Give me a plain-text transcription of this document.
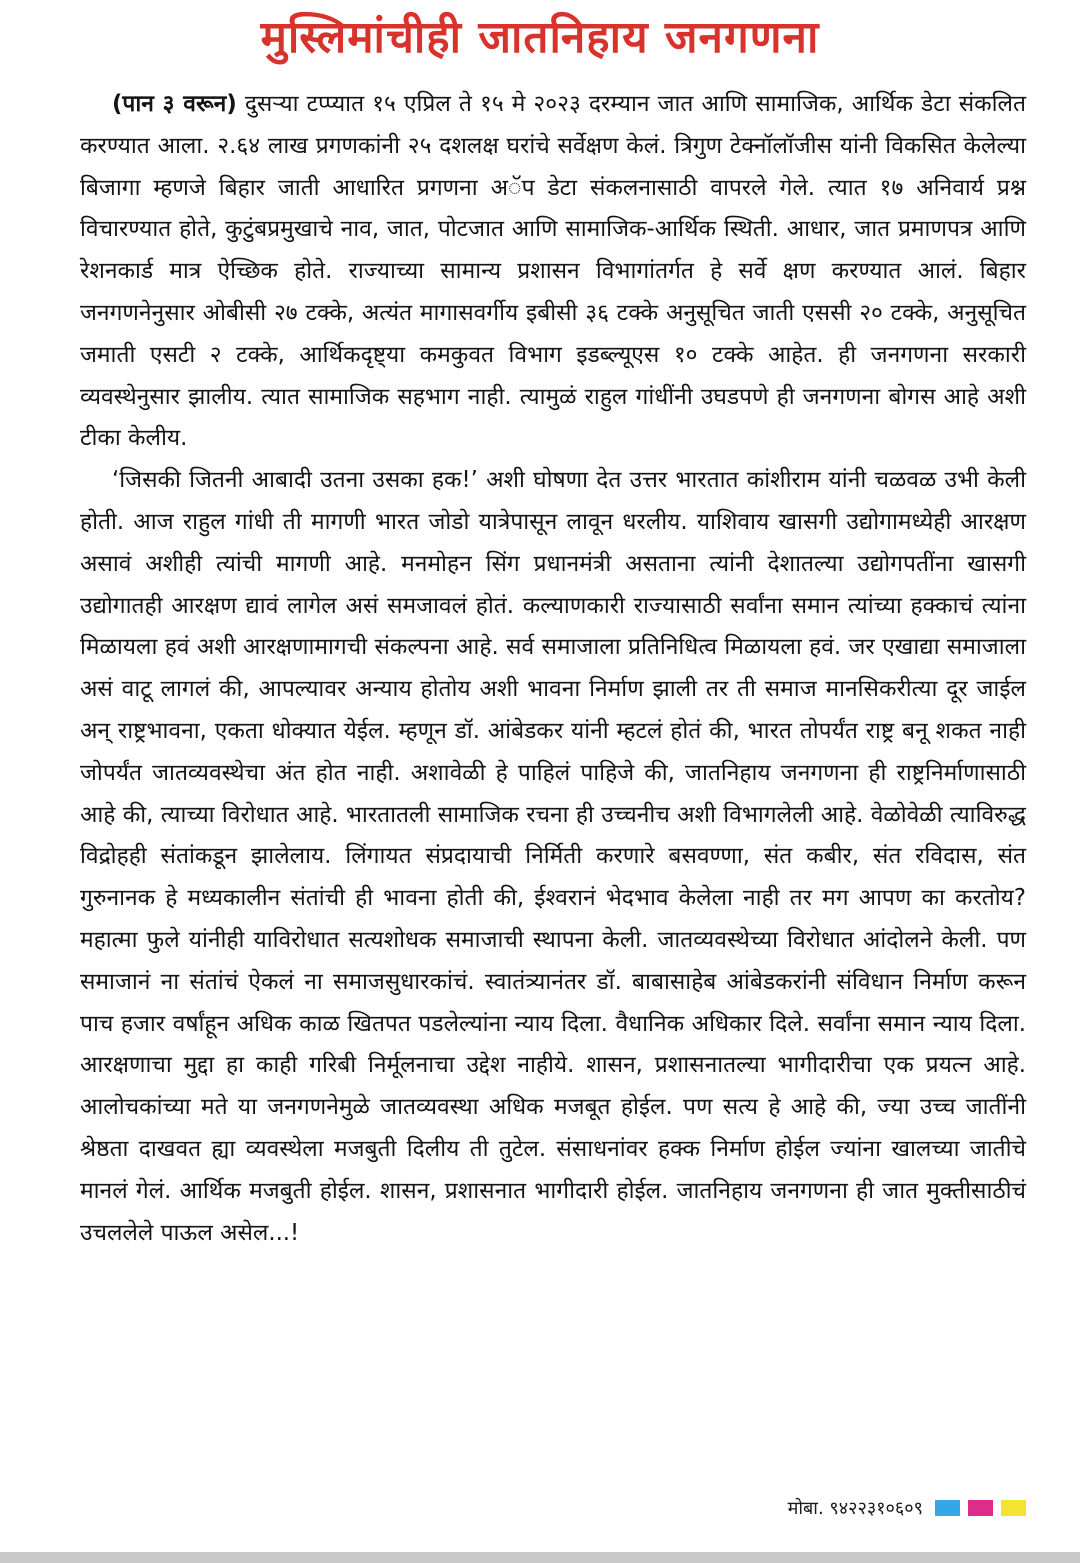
मुस्लिमांचीही जातनिहाय जनगणना

(पान ३ वरून) दुसऱ्या टप्प्यात १५ एप्रिल ते १५ मे २०२३ दरम्यान जात आणि सामाजिक, आर्थिक डेटा संकलित करण्यात आला. २.६४ लाख प्रगणकांनी २५ दशलक्ष घरांचे सर्वेक्षण केलं. त्रिगुण टेक्नॉलॉजीस यांनी विकसित केलेल्या बिजागा म्हणजे बिहार जाती आधारित प्रगणना अॅप डेटा संकलनासाठी वापरले गेले. त्यात १७ अनिवार्य प्रश्न विचारण्यात होते, कुटुंबप्रमुखाचे नाव, जात, पोटजात आणि सामाजिक-आर्थिक स्थिती. आधार, जात प्रमाणपत्र आणि रेशनकार्ड मात्र ऐच्छिक होते. राज्याच्या सामान्य प्रशासन विभागांतर्गत हे सर्वे क्षण करण्यात आलं. बिहार जनगणनेनुसार ओबीसी २७ टक्के, अत्यंत मागासवर्गीय इबीसी ३६ टक्के अनुसूचित जाती एससी २० टक्के, अनुसूचित जमाती एसटी २ टक्के, आर्थिकदृष्ट्या कमकुवत विभाग इडब्ल्यूएस १० टक्के आहेत. ही जनगणना सरकारी व्यवस्थेनुसार झालीय. त्यात सामाजिक सहभाग नाही. त्यामुळं राहुल गांधींनी उघडपणे ही जनगणना बोगस आहे अशी टीका केलीय.

‘जिसकी जितनी आबादी उतना उसका हक!’ अशी घोषणा देत उत्तर भारतात कांशीराम यांनी चळवळ उभी केली होती. आज राहुल गांधी ती मागणी भारत जोडो यात्रेपासून लावून धरलीय. याशिवाय खासगी उद्योगामध्येही आरक्षण असावं अशीही त्यांची मागणी आहे. मनमोहन सिंग प्रधानमंत्री असताना त्यांनी देशातल्या उद्योगपतींना खासगी उद्योगातही आरक्षण द्यावं लागेल असं समजावलं होतं. कल्याणकारी राज्यासाठी सर्वांना समान त्यांच्या हक्काचं त्यांना मिळायला हवं अशी आरक्षणामागची संकल्पना आहे. सर्व समाजाला प्रतिनिधित्व मिळायला हवं. जर एखाद्या समाजाला असं वाटू लागलं की, आपल्यावर अन्याय होतोय अशी भावना निर्माण झाली तर ती समाज मानसिकरीत्या दूर जाईल अन् राष्ट्रभावना, एकता धोक्यात येईल. म्हणून डॉ. आंबेडकर यांनी म्हटलं होतं की, भारत तोपर्यंत राष्ट्र बनू शकत नाही जोपर्यंत जातव्यवस्थेचा अंत होत नाही. अशावेळी हे पाहिलं पाहिजे की, जातनिहाय जनगणना ही राष्ट्रनिर्माणासाठी आहे की, त्याच्या विरोधात आहे. भारतातली सामाजिक रचना ही उच्चनीच अशी विभागलेली आहे. वेळोवेळी त्याविरुद्ध विद्रोहही संतांकडून झालेलाय. लिंगायत संप्रदायाची निर्मिती करणारे बसवण्णा, संत कबीर, संत रविदास, संत गुरुनानक हे मध्यकालीन संतांची ही भावना होती की, ईश्वरानं भेदभाव केलेला नाही तर मग आपण का करतोय? महात्मा फुले यांनीही याविरोधात सत्यशोधक समाजाची स्थापना केली. जातव्यवस्थेच्या विरोधात आंदोलने केली. पण समाजानं ना संतांचं ऐकलं ना समाजसुधारकांचं. स्वातंत्र्यानंतर डॉ. बाबासाहेब आंबेडकरांनी संविधान निर्माण करून पाच हजार वर्षांहून अधिक काळ खितपत पडलेल्यांना न्याय दिला. वैधानिक अधिकार दिले. सर्वांना समान न्याय दिला. आरक्षणाचा मुद्दा हा काही गरिबी निर्मूलनाचा उद्देश नाहीये. शासन, प्रशासनातल्या भागीदारीचा एक प्रयत्न आहे. आलोचकांच्या मते या जनगणनेमुळे जातव्यवस्था अधिक मजबूत होईल. पण सत्य हे आहे की, ज्या उच्च जातींनी श्रेष्ठता दाखवत ह्या व्यवस्थेला मजबुती दिलीय ती तुटेल. संसाधनांवर हक्क निर्माण होईल ज्यांना खालच्या जातीचे मानलं गेलं. आर्थिक मजबुती होईल. शासन, प्रशासनात भागीदारी होईल. जातनिहाय जनगणना ही जात मुक्तीसाठीचं उचललेले पाऊल असेल...!

मोबा. ९४२२३१०६०९
